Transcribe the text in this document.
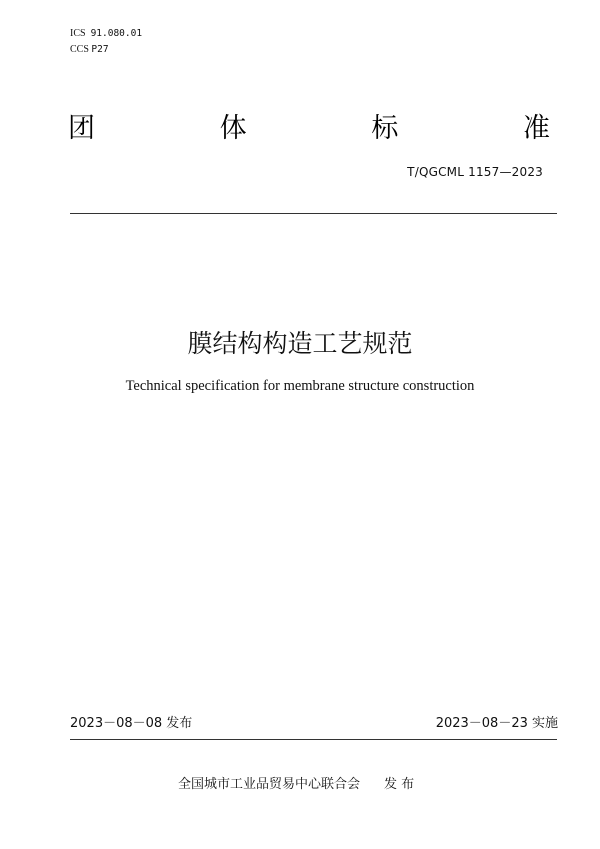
ICS 91.080.01
CCS P27
团	体	标	准
T/QGCML 1157—2023
膜结构构造工艺规范
Technical specification for membrane structure construction
2023－08－08 发布	2023－08－23 实施
全国城市工业品贸易中心联合会 发 布
